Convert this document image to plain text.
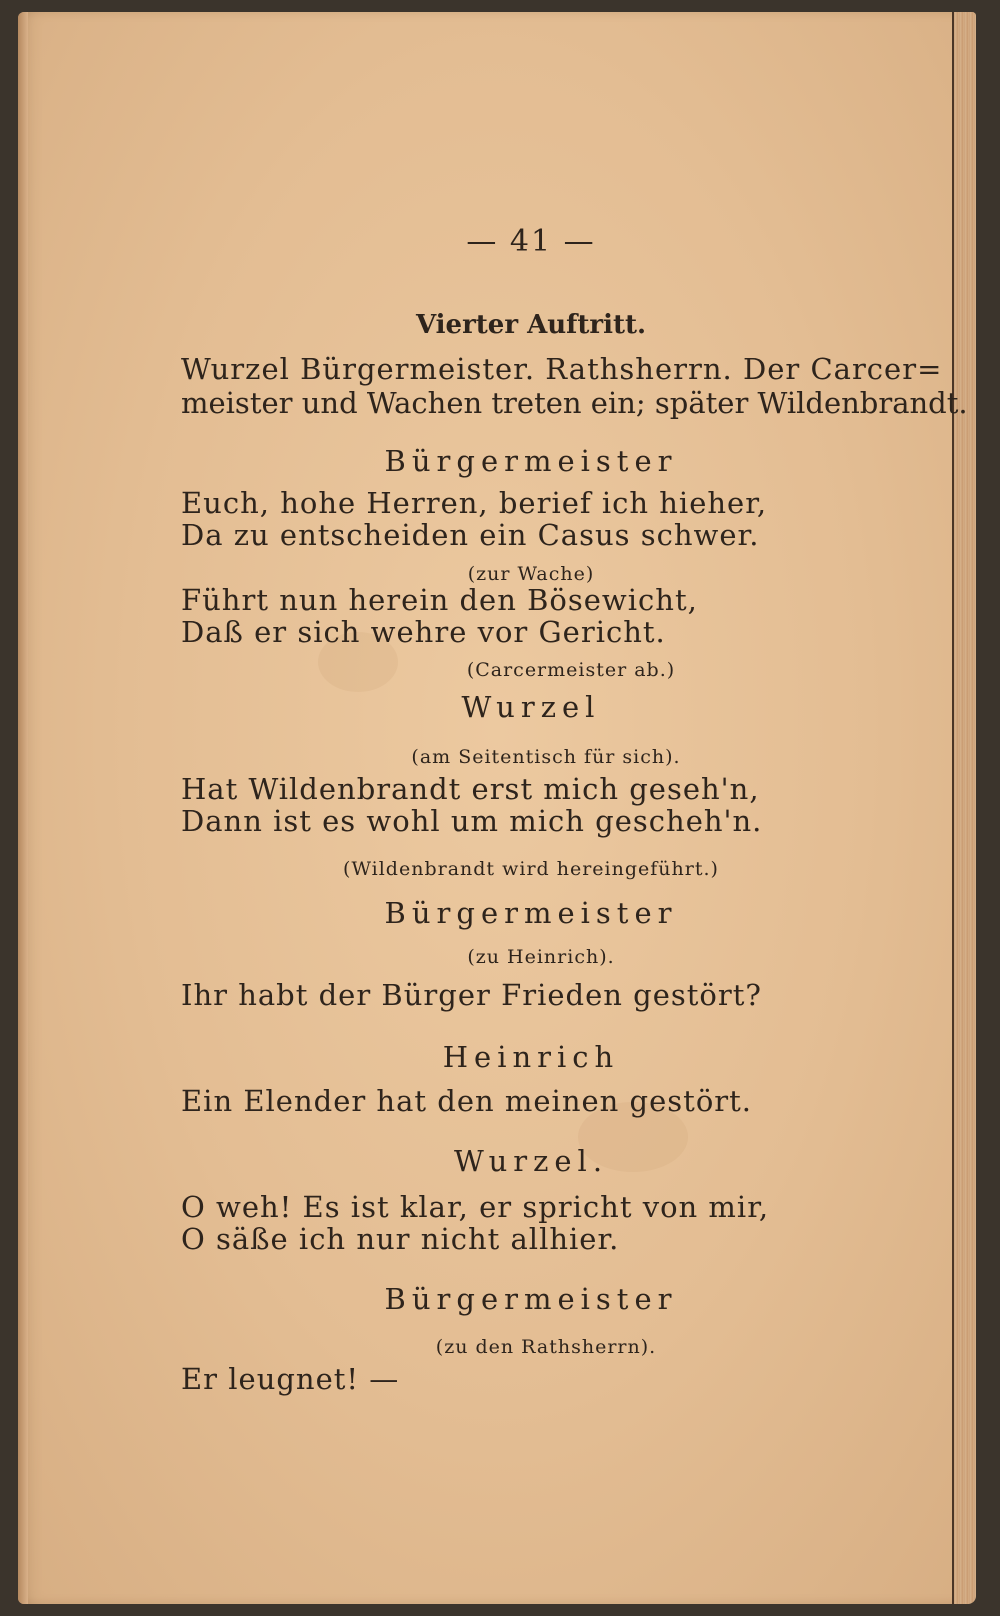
— 41 —
Vierter Auftritt.
Wurzel Bürgermeister. Rathsherrn. Der Carcer=
meister und Wachen treten ein; später Wildenbrandt.
Bürgermeister
Euch, hohe Herren, berief ich hieher,
Da zu entscheiden ein Casus schwer.
(zur Wache)
Führt nun herein den Bösewicht,
Daß er sich wehre vor Gericht.
(Carcermeister ab.)
Wurzel
(am Seitentisch für sich).
Hat Wildenbrandt erst mich geseh'n,
Dann ist es wohl um mich gescheh'n.
(Wildenbrandt wird hereingeführt.)
Bürgermeister
(zu Heinrich).
Ihr habt der Bürger Frieden gestört?
Heinrich
Ein Elender hat den meinen gestört.
Wurzel.
O weh! Es ist klar, er spricht von mir,
O säße ich nur nicht allhier.
Bürgermeister
(zu den Rathsherrn).
Er leugnet! —
